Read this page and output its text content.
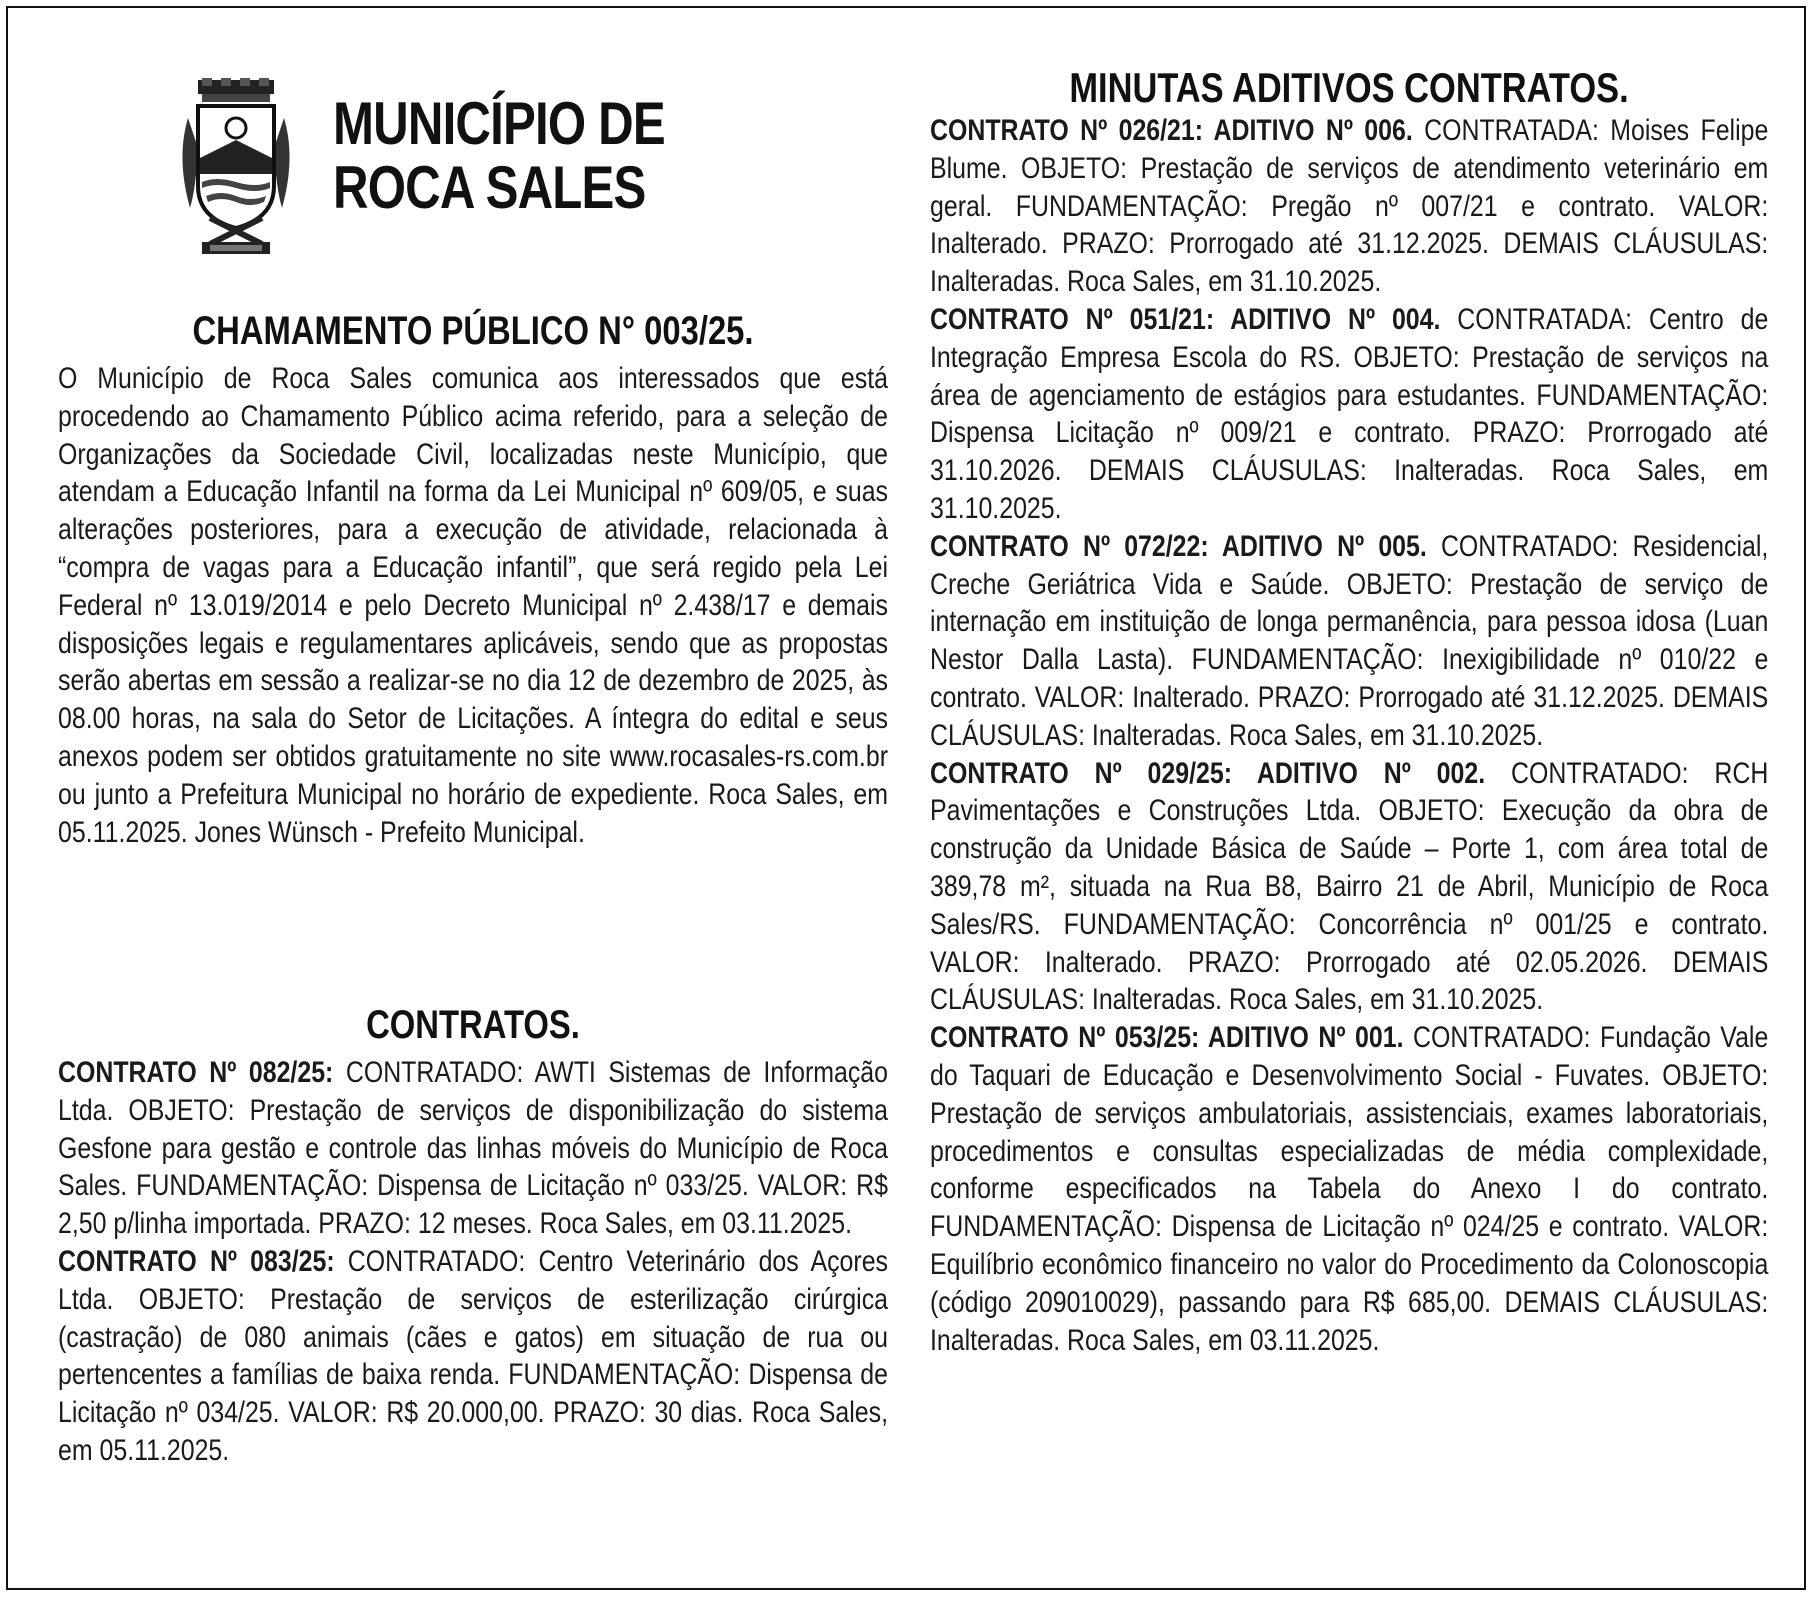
MUNICÍPIO DE
ROCA SALES
CHAMAMENTO PÚBLICO N° 003/25.

O Município de Roca Sales comunica aos interessados que está procedendo ao Chamamento Público acima referido, para a seleção de Organizações da Sociedade Civil, localizadas neste Município, que atendam a Educação Infantil na forma da Lei Municipal nº 609/05, e suas alterações posteriores, para a execução de atividade, relacionada à “compra de vagas para a Educação infantil”, que será regido pela Lei Federal nº 13.019/2014 e pelo Decreto Municipal nº 2.438/17 e demais disposições legais e regulamentares aplicáveis, sendo que as propostas serão abertas em sessão a realizar-se no dia 12 de dezembro de 2025, às 08.00 horas, na sala do Setor de Licitações. A íntegra do edital e seus anexos podem ser obtidos gratuitamente no site www.rocasales-rs.com.br ou junto a Prefeitura Municipal no horário de expediente. Roca Sales, em 05.11.2025. Jones Wünsch - Prefeito Municipal.

CONTRATOS.

CONTRATO Nº 082/25: CONTRATADO: AWTI Sistemas de Informação Ltda. OBJETO: Prestação de serviços de disponibilização do sistema Gesfone para gestão e controle das linhas móveis do Município de Roca Sales. FUNDAMENTAÇÃO: Dispensa de Licitação nº 033/25. VALOR: R$ 2,50 p/linha importada. PRAZO: 12 meses. Roca Sales, em 03.11.2025.

CONTRATO Nº 083/25: CONTRATADO: Centro Veterinário dos Açores Ltda. OBJETO: Prestação de serviços de esterilização cirúrgica (castração) de 080 animais (cães e gatos) em situação de rua ou pertencentes a famílias de baixa renda. FUNDAMENTAÇÃO: Dispensa de Licitação nº 034/25. VALOR: R$ 20.000,00. PRAZO: 30 dias. Roca Sales, em 05.11.2025.

MINUTAS ADITIVOS CONTRATOS.

CONTRATO Nº 026/21: ADITIVO Nº 006. CONTRATADA: Moises Felipe Blume. OBJETO: Prestação de serviços de atendimento veterinário em geral. FUNDAMENTAÇÃO: Pregão nº 007/21 e contrato. VALOR: Inalterado. PRAZO: Prorrogado até 31.12.2025. DEMAIS CLÁUSULAS: Inalteradas. Roca Sales, em 31.10.2025.

CONTRATO Nº 051/21: ADITIVO Nº 004. CONTRATADA: Centro de Integração Empresa Escola do RS. OBJETO: Prestação de serviços na área de agenciamento de estágios para estudantes. FUNDAMENTAÇÃO: Dispensa Licitação nº 009/21 e contrato. PRAZO: Prorrogado até 31.10.2026. DEMAIS CLÁUSULAS: Inalteradas. Roca Sales, em 31.10.2025.

CONTRATO Nº 072/22: ADITIVO Nº 005. CONTRATADO: Residencial, Creche Geriátrica Vida e Saúde. OBJETO: Prestação de serviço de internação em instituição de longa permanência, para pessoa idosa (Luan Nestor Dalla Lasta). FUNDAMENTAÇÃO: Inexigibilidade nº 010/22 e contrato. VALOR: Inalterado. PRAZO: Prorrogado até 31.12.2025. DEMAIS CLÁUSULAS: Inalteradas. Roca Sales, em 31.10.2025.

CONTRATO Nº 029/25: ADITIVO Nº 002. CONTRATADO: RCH Pavimentações e Construções Ltda. OBJETO: Execução da obra de construção da Unidade Básica de Saúde – Porte 1, com área total de 389,78 m², situada na Rua B8, Bairro 21 de Abril, Município de Roca Sales/RS. FUNDAMENTAÇÃO: Concorrência nº 001/25 e contrato. VALOR: Inalterado. PRAZO: Prorrogado até 02.05.2026. DEMAIS CLÁUSULAS: Inalteradas. Roca Sales, em 31.10.2025.

CONTRATO Nº 053/25: ADITIVO Nº 001. CONTRATADO: Fundação Vale do Taquari de Educação e Desenvolvimento Social - Fuvates. OBJETO: Prestação de serviços ambulatoriais, assistenciais, exames laboratoriais, procedimentos e consultas especializadas de média complexidade, conforme especificados na Tabela do Anexo I do contrato. FUNDAMENTAÇÃO: Dispensa de Licitação nº 024/25 e contrato. VALOR: Equilíbrio econômico financeiro no valor do Procedimento da Colonoscopia (código 209010029), passando para R$ 685,00. DEMAIS CLÁUSULAS: Inalteradas. Roca Sales, em 03.11.2025.
